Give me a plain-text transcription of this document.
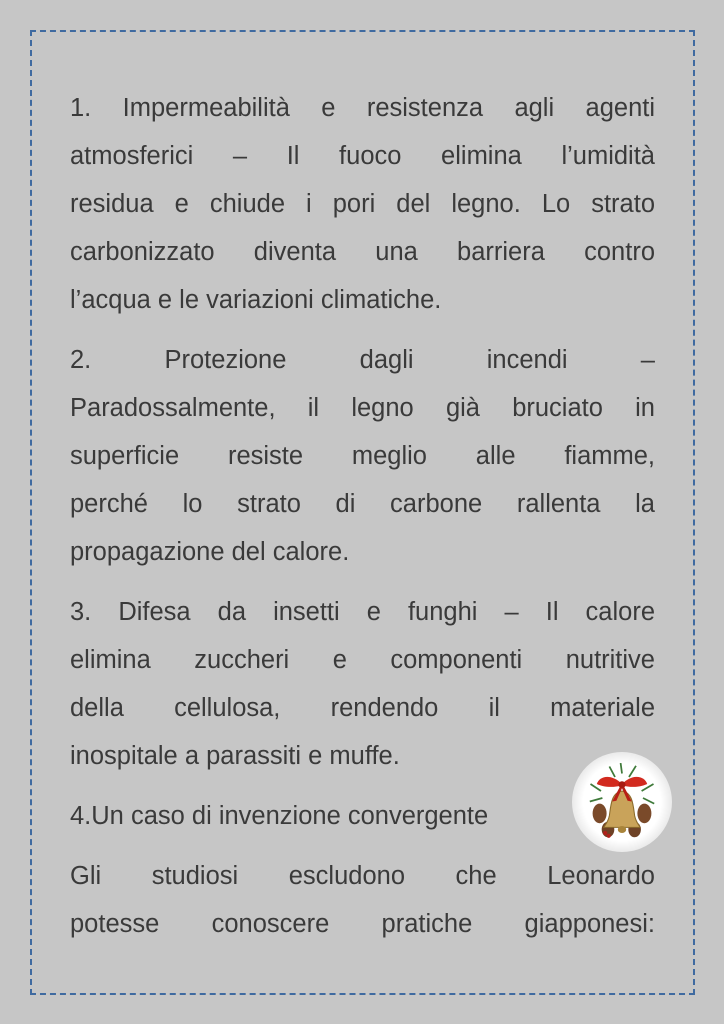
1. Impermeabilità e resistenza agli agenti
atmosferici – Il fuoco elimina l’umidità
residua e chiude i pori del legno. Lo strato
carbonizzato diventa una barriera contro
l’acqua e le variazioni climatiche.
2. Protezione dagli incendi –
Paradossalmente, il legno già bruciato in
superficie resiste meglio alle fiamme,
perché lo strato di carbone rallenta la
propagazione del calore.
3. Difesa da insetti e funghi – Il calore
elimina zuccheri e componenti nutritive
della cellulosa, rendendo il materiale
inospitale a parassiti e muffe.
4.Un caso di invenzione convergente
Gli studiosi escludono che Leonardo
potesse conoscere pratiche giapponesi:
